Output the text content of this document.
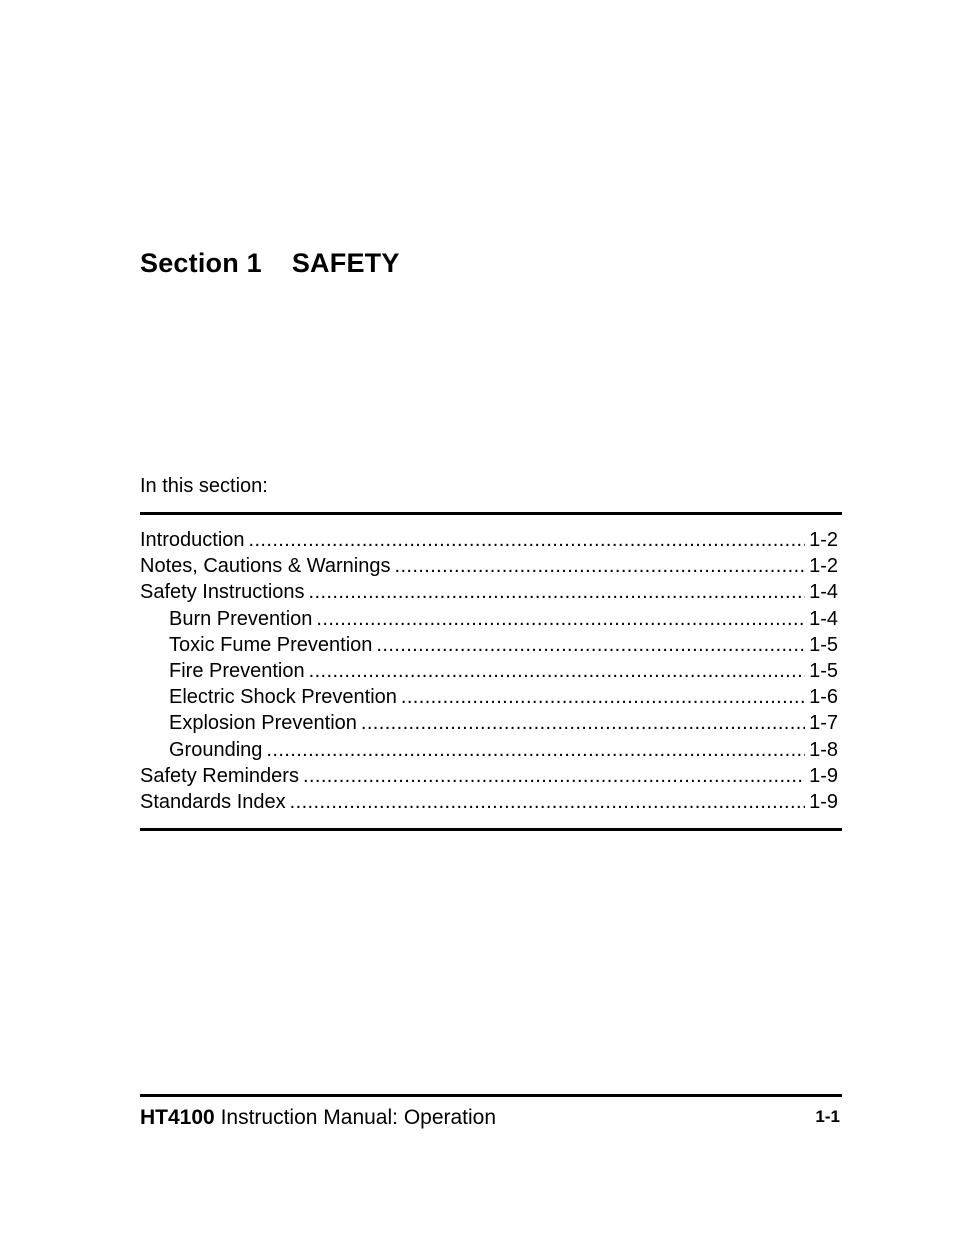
Section 1 SAFETY
In this section:
Introduction .....	1-2
Notes, Cautions & Warnings .....	1-2
Safety Instructions .....	1-4
Burn Prevention .....	1-4
Toxic Fume Prevention .....	1-5
Fire Prevention .....	1-5
Electric Shock Prevention .....	1-6
Explosion Prevention .....	1-7
Grounding .....	1-8
Safety Reminders .....	1-9
Standards Index .....	1-9
HT4100 Instruction Manual: Operation	1-1
